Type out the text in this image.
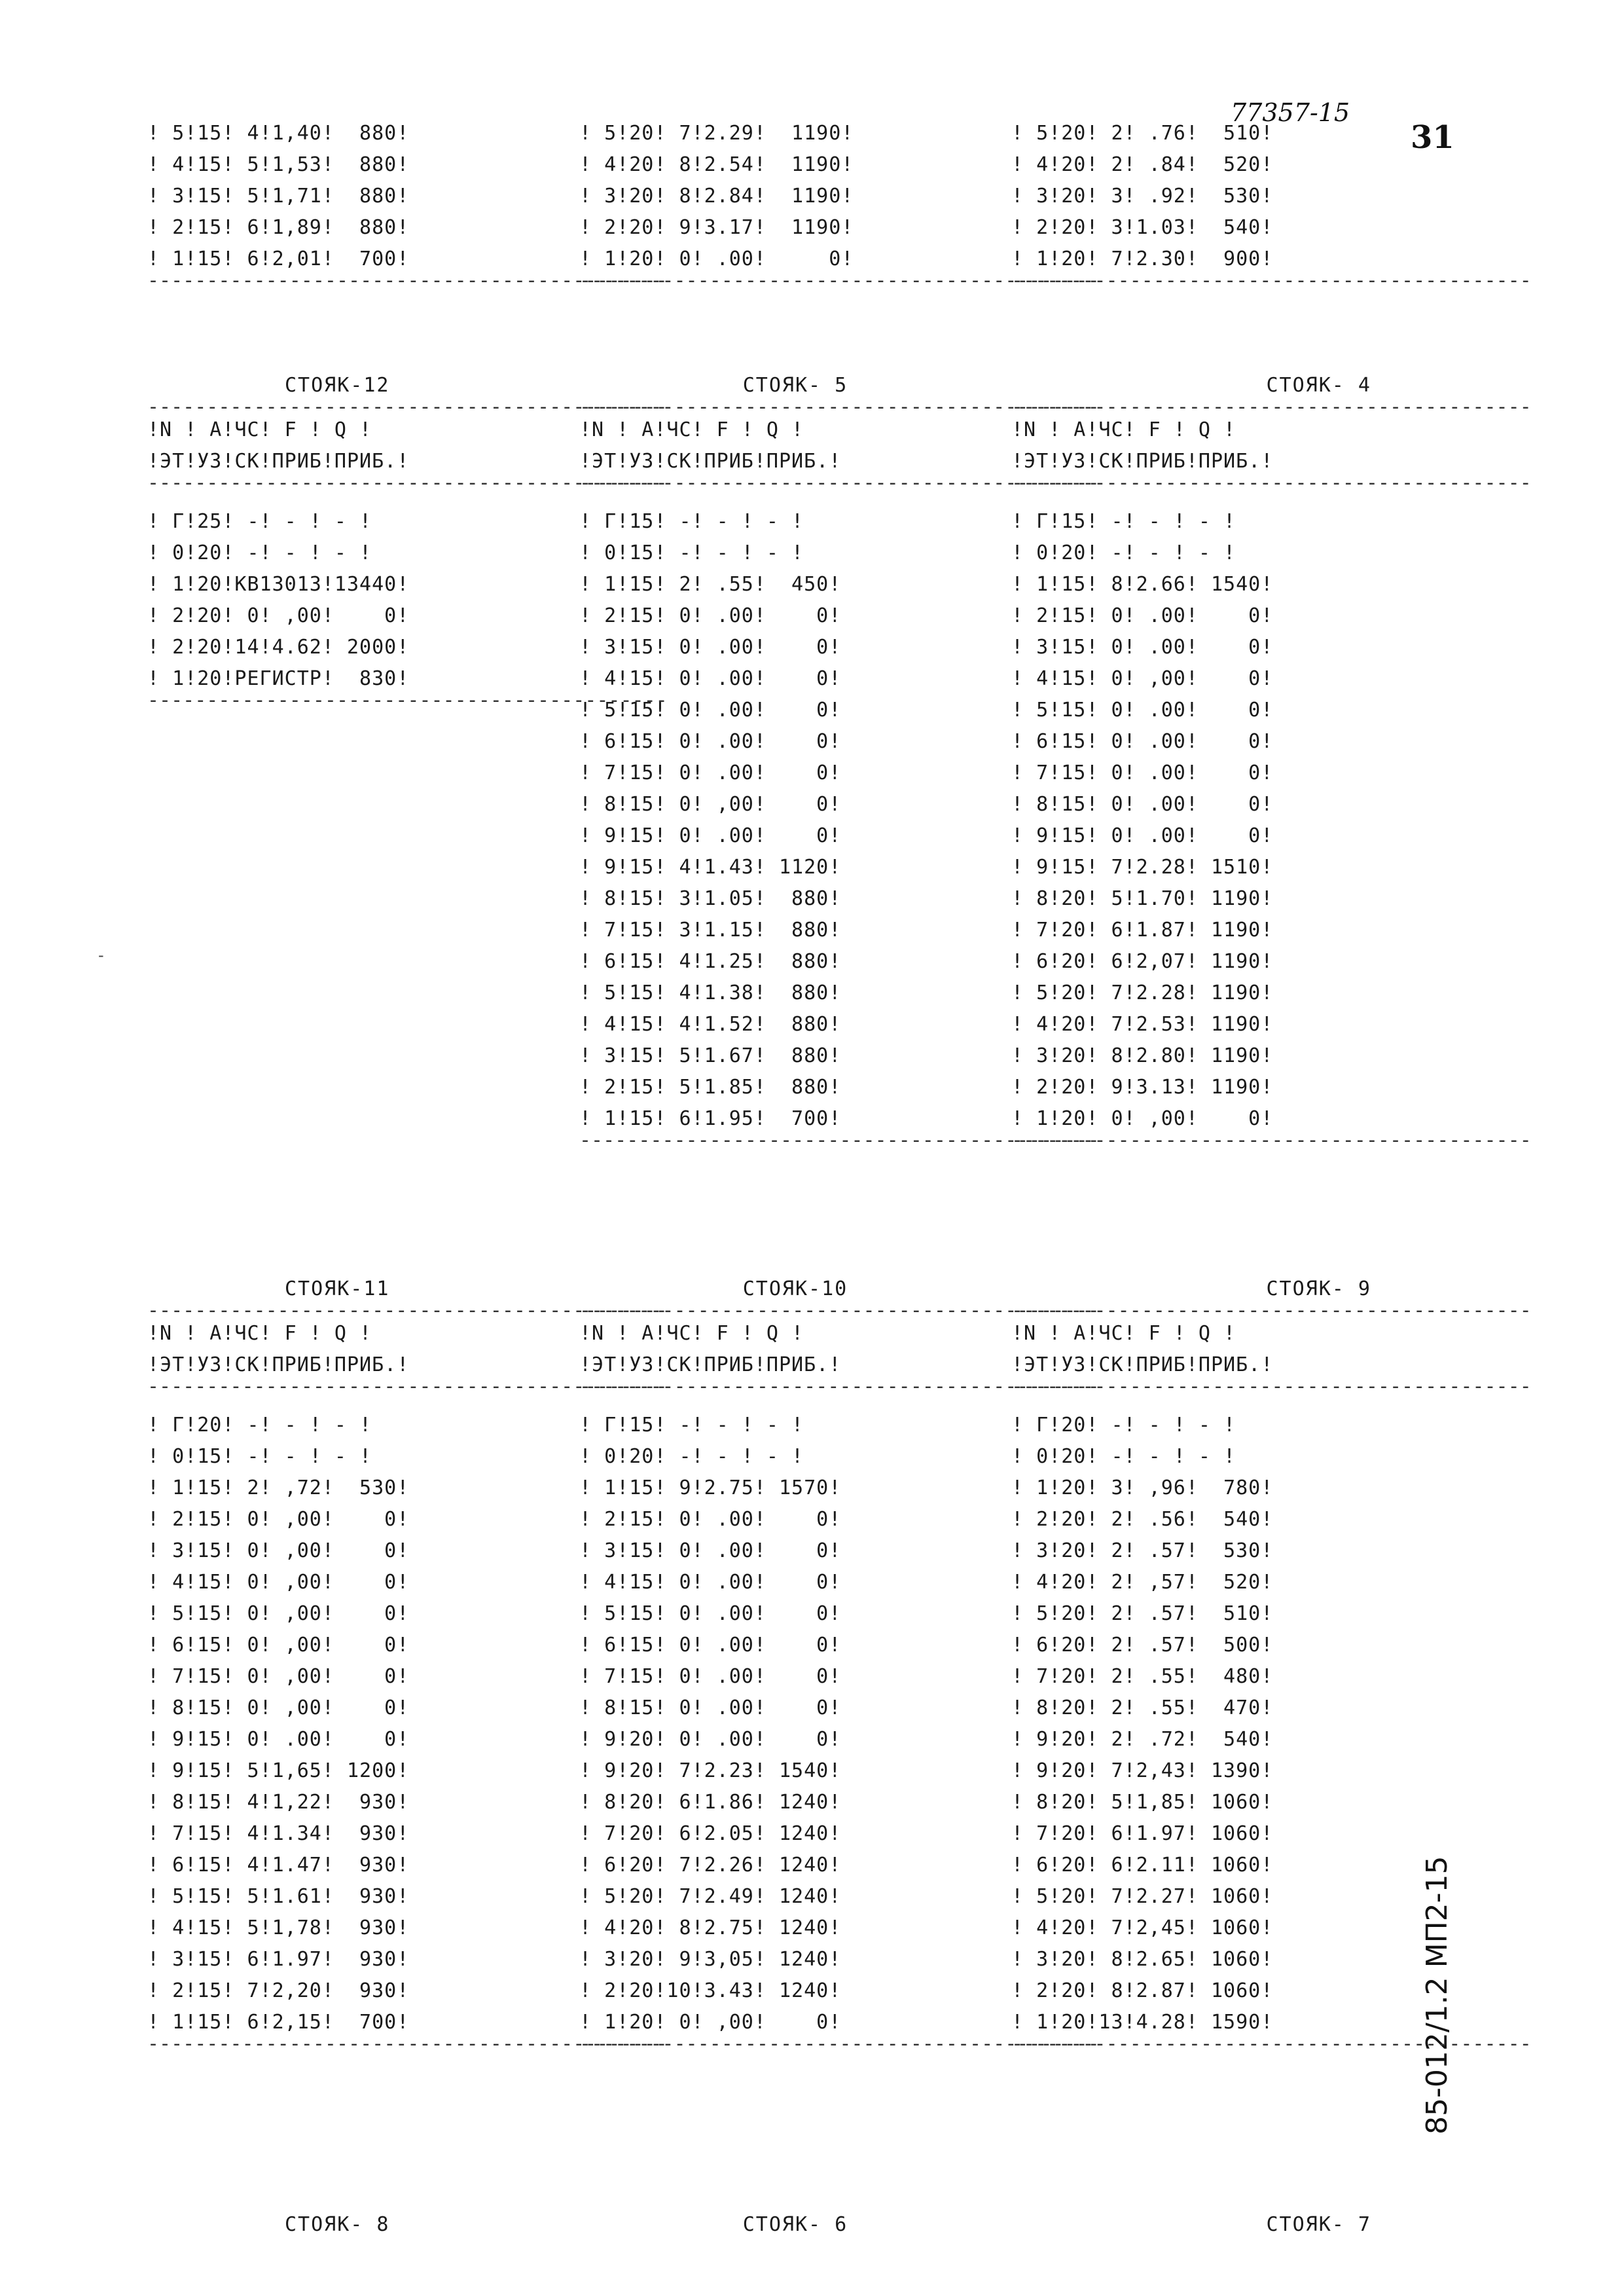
77357-15
31
85-012/1.2 МП2-15
-
! 5!15! 4!1,40!  880!
! 4!15! 5!1,53!  880!
! 3!15! 5!1,71!  880!
! 2!15! 6!1,89!  880!
! 1!15! 6!2,01!  700!
--------------------------------------------
! 5!20! 7!2.29!  1190!
! 4!20! 8!2.54!  1190!
! 3!20! 8!2.84!  1190!
! 2!20! 9!3.17!  1190!
! 1!20! 0! .00!     0!
--------------------------------------------
! 5!20! 2! .76!  510!
! 4!20! 2! .84!  520!
! 3!20! 3! .92!  530!
! 2!20! 3!1.03!  540!
! 1!20! 7!2.30!  900!
--------------------------------------------
СТОЯК-12
--------------------------------------------
!N ! А!ЧС! F ! Q !
!ЭТ!УЗ!СК!ПРИБ!ПРИБ.!
--------------------------------------------
! Г!25! -! - ! - !
! 0!20! -! - ! - !
! 1!20!КВ13013!13440!
! 2!20! 0! ,00!    0!
! 2!20!14!4.62! 2000!
! 1!20!РЕГИСТР!  830!
--------------------------------------------
СТОЯК- 5
--------------------------------------------
!N ! А!ЧС! F ! Q !
!ЭТ!УЗ!СК!ПРИБ!ПРИБ.!
--------------------------------------------
! Г!15! -! - ! - !
! 0!15! -! - ! - !
! 1!15! 2! .55!  450!
! 2!15! 0! .00!    0!
! 3!15! 0! .00!    0!
! 4!15! 0! .00!    0!
! 5!15! 0! .00!    0!
! 6!15! 0! .00!    0!
! 7!15! 0! .00!    0!
! 8!15! 0! ,00!    0!
! 9!15! 0! .00!    0!
! 9!15! 4!1.43! 1120!
! 8!15! 3!1.05!  880!
! 7!15! 3!1.15!  880!
! 6!15! 4!1.25!  880!
! 5!15! 4!1.38!  880!
! 4!15! 4!1.52!  880!
! 3!15! 5!1.67!  880!
! 2!15! 5!1.85!  880!
! 1!15! 6!1.95!  700!
--------------------------------------------
СТОЯК- 4
--------------------------------------------
!N ! А!ЧС! F ! Q !
!ЭТ!УЗ!СК!ПРИБ!ПРИБ.!
--------------------------------------------
! Г!15! -! - ! - !
! 0!20! -! - ! - !
! 1!15! 8!2.66! 1540!
! 2!15! 0! .00!    0!
! 3!15! 0! .00!    0!
! 4!15! 0! ,00!    0!
! 5!15! 0! .00!    0!
! 6!15! 0! .00!    0!
! 7!15! 0! .00!    0!
! 8!15! 0! .00!    0!
! 9!15! 0! .00!    0!
! 9!15! 7!2.28! 1510!
! 8!20! 5!1.70! 1190!
! 7!20! 6!1.87! 1190!
! 6!20! 6!2,07! 1190!
! 5!20! 7!2.28! 1190!
! 4!20! 7!2.53! 1190!
! 3!20! 8!2.80! 1190!
! 2!20! 9!3.13! 1190!
! 1!20! 0! ,00!    0!
--------------------------------------------
СТОЯК-11
--------------------------------------------
!N ! А!ЧС! F ! Q !
!ЭТ!УЗ!СК!ПРИБ!ПРИБ.!
--------------------------------------------
! Г!20! -! - ! - !
! 0!15! -! - ! - !
! 1!15! 2! ,72!  530!
! 2!15! 0! ,00!    0!
! 3!15! 0! ,00!    0!
! 4!15! 0! ,00!    0!
! 5!15! 0! ,00!    0!
! 6!15! 0! ,00!    0!
! 7!15! 0! ,00!    0!
! 8!15! 0! ,00!    0!
! 9!15! 0! .00!    0!
! 9!15! 5!1,65! 1200!
! 8!15! 4!1,22!  930!
! 7!15! 4!1.34!  930!
! 6!15! 4!1.47!  930!
! 5!15! 5!1.61!  930!
! 4!15! 5!1,78!  930!
! 3!15! 6!1.97!  930!
! 2!15! 7!2,20!  930!
! 1!15! 6!2,15!  700!
--------------------------------------------
СТОЯК-10
--------------------------------------------
!N ! А!ЧС! F ! Q !
!ЭТ!УЗ!СК!ПРИБ!ПРИБ.!
--------------------------------------------
! Г!15! -! - ! - !
! 0!20! -! - ! - !
! 1!15! 9!2.75! 1570!
! 2!15! 0! .00!    0!
! 3!15! 0! .00!    0!
! 4!15! 0! .00!    0!
! 5!15! 0! .00!    0!
! 6!15! 0! .00!    0!
! 7!15! 0! .00!    0!
! 8!15! 0! .00!    0!
! 9!20! 0! .00!    0!
! 9!20! 7!2.23! 1540!
! 8!20! 6!1.86! 1240!
! 7!20! 6!2.05! 1240!
! 6!20! 7!2.26! 1240!
! 5!20! 7!2.49! 1240!
! 4!20! 8!2.75! 1240!
! 3!20! 9!3,05! 1240!
! 2!20!10!3.43! 1240!
! 1!20! 0! ,00!    0!
--------------------------------------------
СТОЯК- 9
--------------------------------------------
!N ! А!ЧС! F ! Q !
!ЭТ!УЗ!СК!ПРИБ!ПРИБ.!
--------------------------------------------
! Г!20! -! - ! - !
! 0!20! -! - ! - !
! 1!20! 3! ,96!  780!
! 2!20! 2! .56!  540!
! 3!20! 2! .57!  530!
! 4!20! 2! ,57!  520!
! 5!20! 2! .57!  510!
! 6!20! 2! .57!  500!
! 7!20! 2! .55!  480!
! 8!20! 2! .55!  470!
! 9!20! 2! .72!  540!
! 9!20! 7!2,43! 1390!
! 8!20! 5!1,85! 1060!
! 7!20! 6!1.97! 1060!
! 6!20! 6!2.11! 1060!
! 5!20! 7!2.27! 1060!
! 4!20! 7!2,45! 1060!
! 3!20! 8!2.65! 1060!
! 2!20! 8!2.87! 1060!
! 1!20!13!4.28! 1590!
--------------------------------------------
СТОЯК- 8	СТОЯК- 6	СТОЯК- 7
